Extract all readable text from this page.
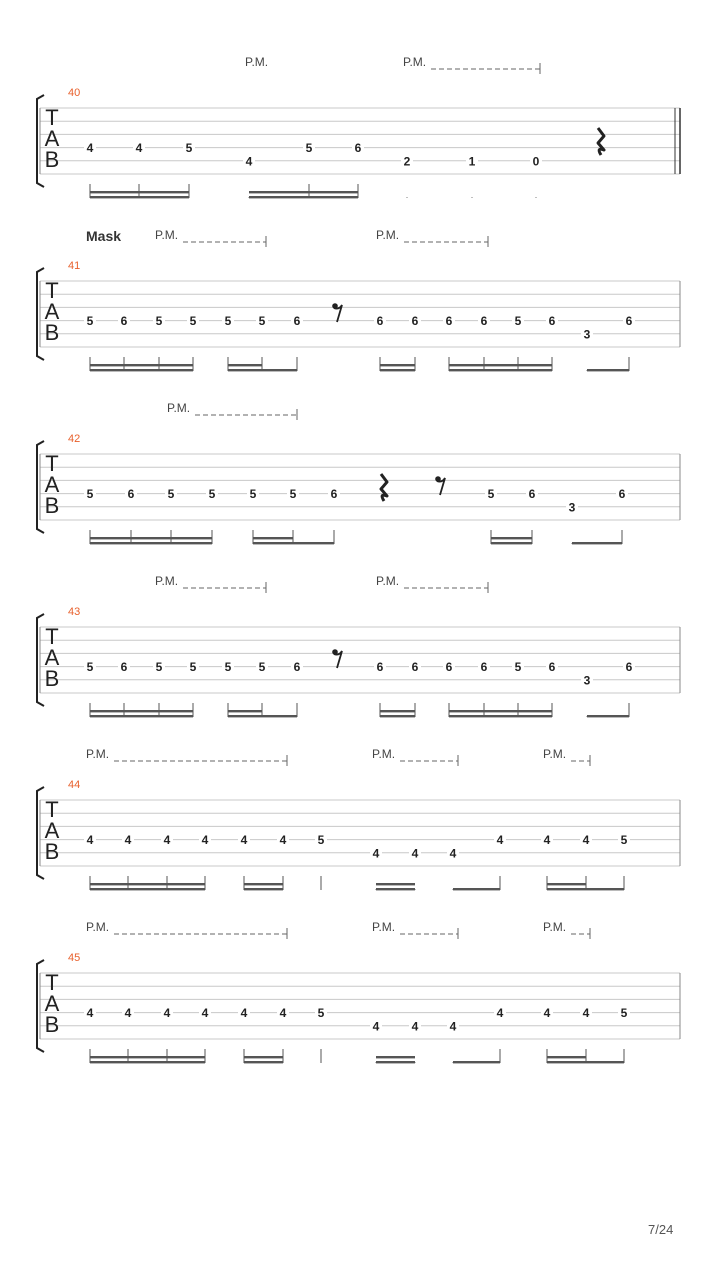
T
A
B
40
P.M.	P.M.
4	4	5
4
5	6
2	1	0
T
A
B
41
Mask	P.M.	P.M.
5 6 5 5 5 5 6	6 6 6 6 5 6
3
6
T
A
B
42
P.M.
5	6	5	5	5	5	6	5	6
3
6
T
A
B
43
P.M.	P.M.
5 6 5 5 5 5 6	6 6 6 6 5 6
3
6
T
A
B
44
P.M.	P.M.	P.M.
4	4	4	4	4	4	5
4	4	4
4	4	4	5
T
A
B
45
P.M.	P.M.	P.M.
4	4	4	4	4	4	5
4	4	4
4	4	4	5
7/24
